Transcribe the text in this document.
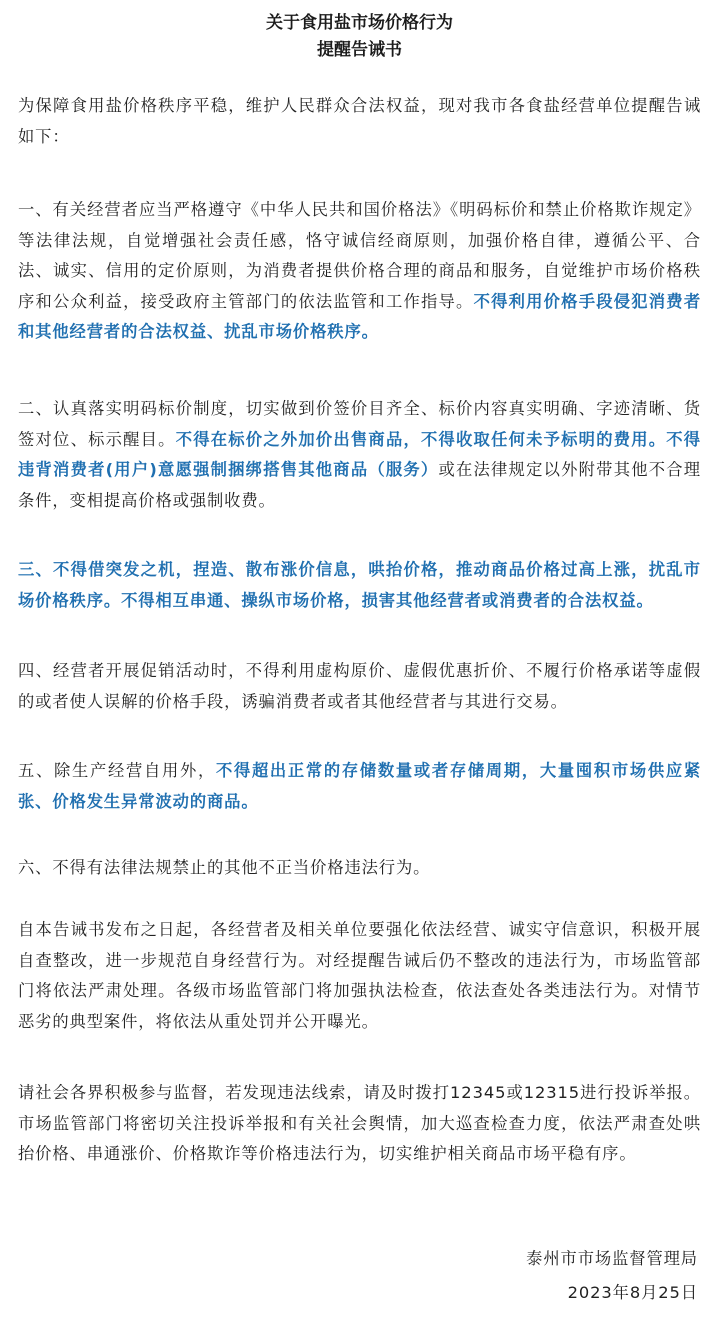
关于食用盐市场价格行为
提醒告诫书

为保障食用盐价格秩序平稳，维护人民群众合法权益，现对我市各食盐经营单位提醒告诫如下：

一、有关经营者应当严格遵守《中华人民共和国价格法》《明码标价和禁止价格欺诈规定》等法律法规，自觉增强社会责任感，恪守诚信经商原则，加强价格自律，遵循公平、合法、诚实、信用的定价原则，为消费者提供价格合理的商品和服务，自觉维护市场价格秩序和公众利益，接受政府主管部门的依法监管和工作指导。不得利用价格手段侵犯消费者和其他经营者的合法权益、扰乱市场价格秩序。

二、认真落实明码标价制度，切实做到价签价目齐全、标价内容真实明确、字迹清晰、货签对位、标示醒目。不得在标价之外加价出售商品，不得收取任何未予标明的费用。不得违背消费者(用户)意愿强制捆绑搭售其他商品（服务）或在法律规定以外附带其他不合理条件，变相提高价格或强制收费。

三、不得借突发之机，捏造、散布涨价信息，哄抬价格，推动商品价格过高上涨，扰乱市场价格秩序。不得相互串通、操纵市场价格，损害其他经营者或消费者的合法权益。

四、经营者开展促销活动时，不得利用虚构原价、虚假优惠折价、不履行价格承诺等虚假的或者使人误解的价格手段，诱骗消费者或者其他经营者与其进行交易。

五、除生产经营自用外，不得超出正常的存储数量或者存储周期，大量囤积市场供应紧张、价格发生异常波动的商品。

六、不得有法律法规禁止的其他不正当价格违法行为。

自本告诫书发布之日起，各经营者及相关单位要强化依法经营、诚实守信意识，积极开展自查整改，进一步规范自身经营行为。对经提醒告诫后仍不整改的违法行为，市场监管部门将依法严肃处理。各级市场监管部门将加强执法检查，依法查处各类违法行为。对情节恶劣的典型案件，将依法从重处罚并公开曝光。

请社会各界积极参与监督，若发现违法线索，请及时拨打12345或12315进行投诉举报。市场监管部门将密切关注投诉举报和有关社会舆情，加大巡查检查力度，依法严肃查处哄抬价格、串通涨价、价格欺诈等价格违法行为，切实维护相关商品市场平稳有序。

泰州市市场监督管理局
2023年8月25日
